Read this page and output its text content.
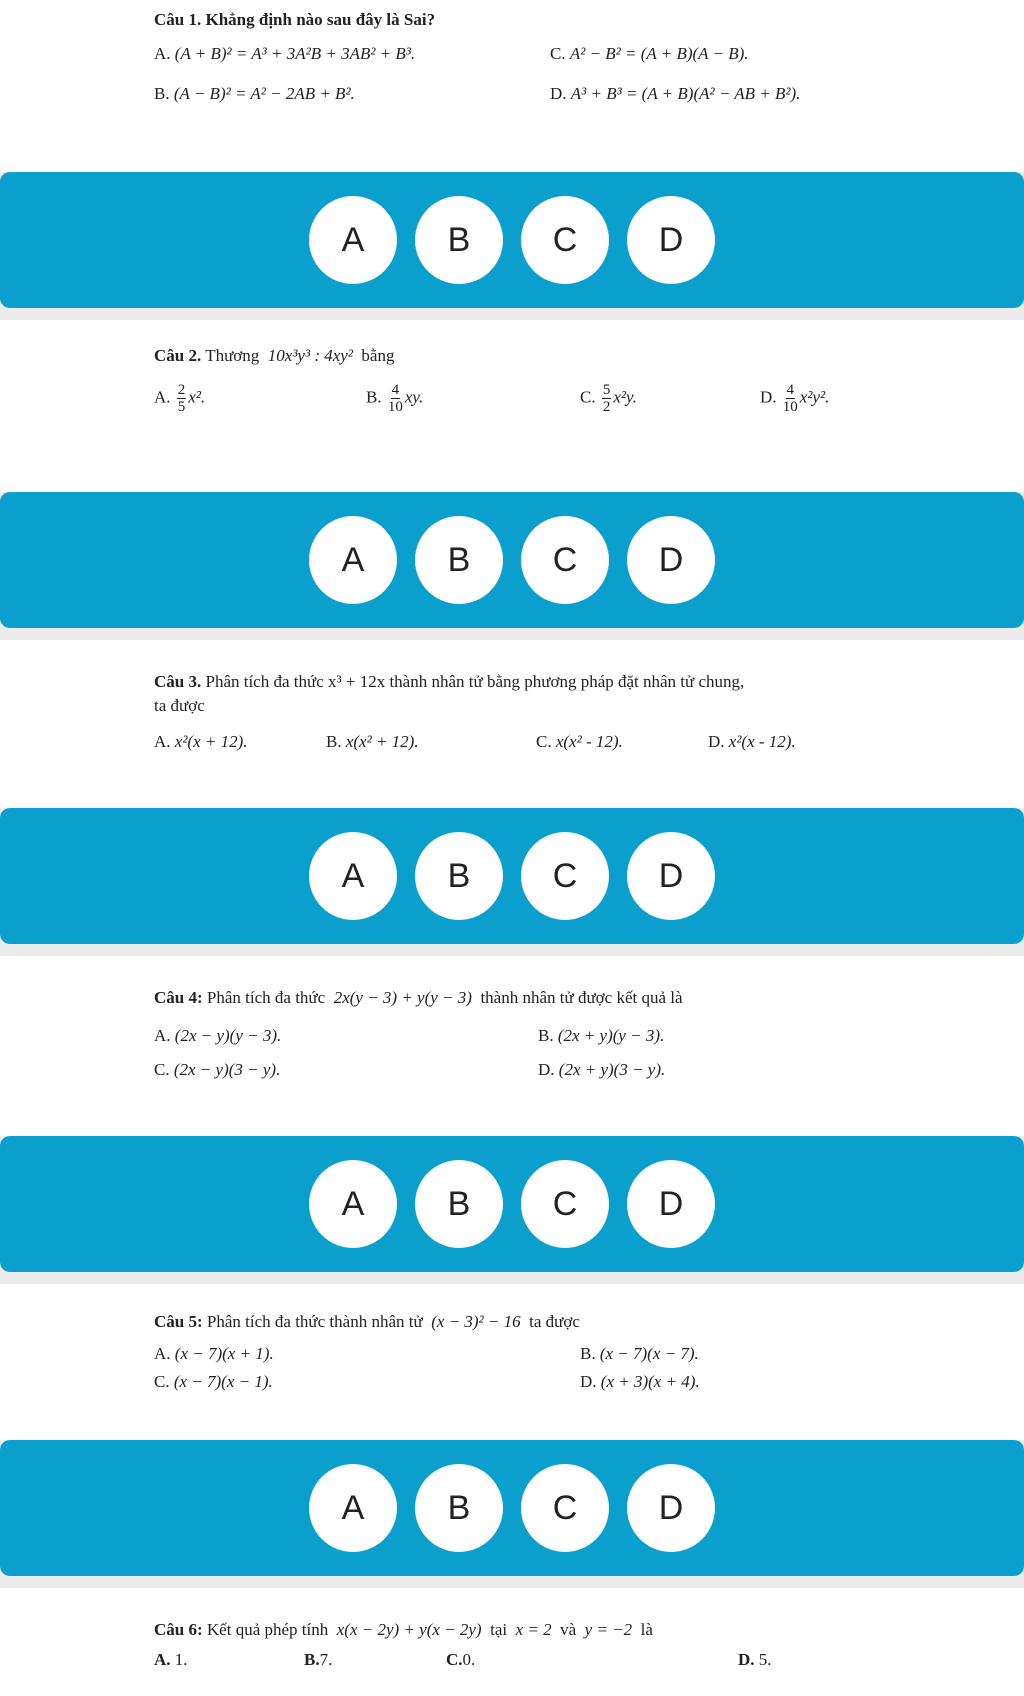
Câu 1. Khẳng định nào sau đây là Sai?
A. (A + B)² = A³ + 3A²B + 3AB² + B³.	C. A² − B² = (A + B)(A − B).
B. (A − B)² = A² − 2AB + B².	D. A³ + B³ = (A + B)(A² − AB + B²).
A	B	C	D
Câu 2. Thương 10x³y³ : 4xy² bằng
A. $\frac{2}{5} x^2$.	B. $\frac{4}{10}$ xy.	C. $\frac{5}{2} x^2y$.	D. $\frac{4}{10} x^2y^2$.
A	B	C	D
Câu 3. Phân tích đa thức x³ + 12x thành nhân tử bằng phương pháp đặt nhân tử chung,
ta được
A. x²(x + 12).	B. x(x² + 12).	C. x(x² - 12).	D. x²(x - 12).
A	B	C	D
Câu 4: Phân tích đa thức 2x(y − 3) + y(y − 3) thành nhân tử được kết quả là
A. (2x − y)(y − 3).	B. (2x + y)(y − 3).
C. (2x − y)(3 − y).	D. (2x + y)(3 − y).
A	B	C	D
Câu 5: Phân tích đa thức thành nhân tử (x − 3)² − 16 ta được
A. (x − 7)(x + 1).	B. (x − 7)(x − 7).
C. (x − 7)(x − 1).	D. (x + 3)(x + 4).
A	B	C	D
Câu 6: Kết quả phép tính x(x − 2y) + y(x − 2y) tại x = 2 và y = −2 là
A. 1.	B.7.	C.0.	D. 5.
